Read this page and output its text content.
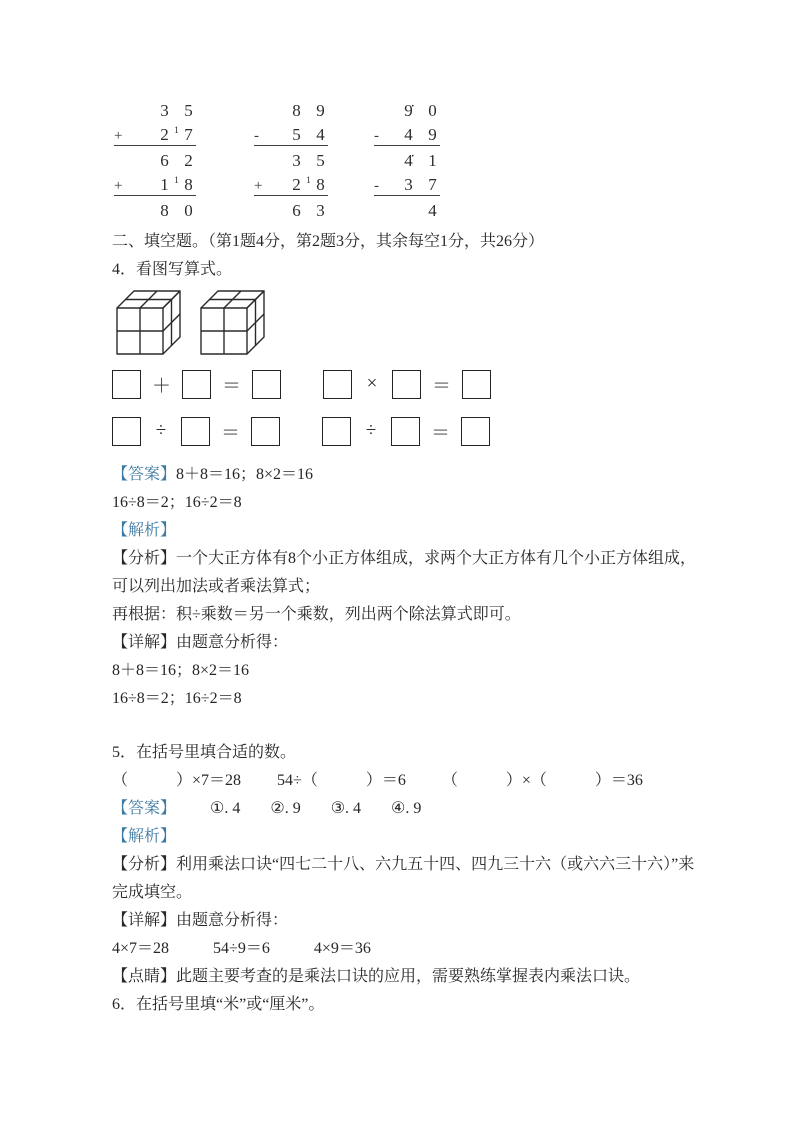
3 5
+ 2 1 7
6 2
+ 1 1 8
8 0
8 9
- 5 4
3 5
+ 2 1 8
6 3
9̇ 0
- 4 9
4̇ 1
- 3 7
4

二、填空题。（第1题4分，第2题3分，其余每空1分，共26分）

4．看图写算式。

＋	＝	×	＝
÷	＝	÷	＝

【答案】8＋8＝16；8×2＝16

16÷8＝2；16÷2＝8

【解析】

【分析】一个大正方体有8个小正方体组成，求两个大正方体有几个小正方体组成，可以列出加法或者乘法算式；

再根据：积÷乘数＝另一个乘数，列出两个除法算式即可。

【详解】由题意分析得：

8＋8＝16；8×2＝16

16÷8＝2；16÷2＝8

5．在括号里填合适的数。

（　　　）×7＝28 54÷（　　　）＝6 （　　　）×（　　　）＝36
【答案】 ①. 4 ②. 9 ③. 4 ④. 9

【解析】

【分析】利用乘法口诀“四七二十八、六九五十四、四九三十六（或六六三十六）”来完成填空。

【详解】由题意分析得：

4×7＝28	54÷9＝6	4×9＝36

【点睛】此题主要考查的是乘法口诀的应用，需要熟练掌握表内乘法口诀。

6．在括号里填“米”或“厘米”。
